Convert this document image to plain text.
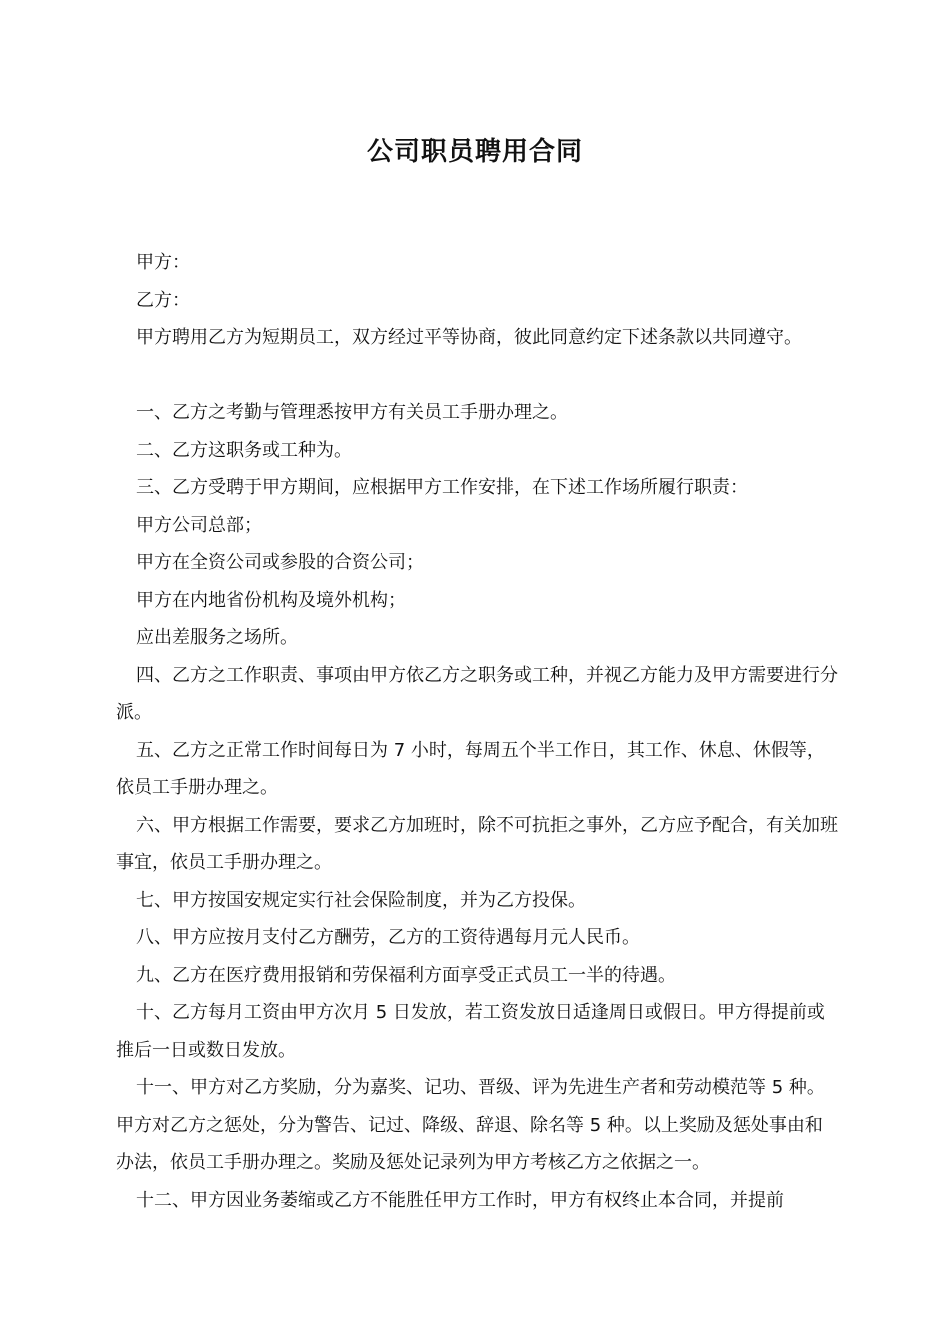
公司职员聘用合同

甲方：

乙方：

甲方聘用乙方为短期员工，双方经过平等协商，彼此同意约定下述条款以共同遵守。

一、乙方之考勤与管理悉按甲方有关员工手册办理之。

二、乙方这职务或工种为。

三、乙方受聘于甲方期间，应根据甲方工作安排，在下述工作场所履行职责：

甲方公司总部；

甲方在全资公司或参股的合资公司；

甲方在内地省份机构及境外机构；

应出差服务之场所。

四、乙方之工作职责、事项由甲方依乙方之职务或工种，并视乙方能力及甲方需要进行分派。

五、乙方之正常工作时间每日为 7 小时，每周五个半工作日，其工作、休息、休假等，依员工手册办理之。

六、甲方根据工作需要，要求乙方加班时，除不可抗拒之事外，乙方应予配合，有关加班事宜，依员工手册办理之。

七、甲方按国安规定实行社会保险制度，并为乙方投保。

八、甲方应按月支付乙方酬劳，乙方的工资待遇每月元人民币。

九、乙方在医疗费用报销和劳保福利方面享受正式员工一半的待遇。

十、乙方每月工资由甲方次月 5 日发放，若工资发放日适逢周日或假日。甲方得提前或推后一日或数日发放。

十一、甲方对乙方奖励，分为嘉奖、记功、晋级、评为先进生产者和劳动模范等 5 种。甲方对乙方之惩处，分为警告、记过、降级、辞退、除名等 5 种。以上奖励及惩处事由和办法，依员工手册办理之。奖励及惩处记录列为甲方考核乙方之依据之一。

十二、甲方因业务萎缩或乙方不能胜任甲方工作时，甲方有权终止本合同，并提前
